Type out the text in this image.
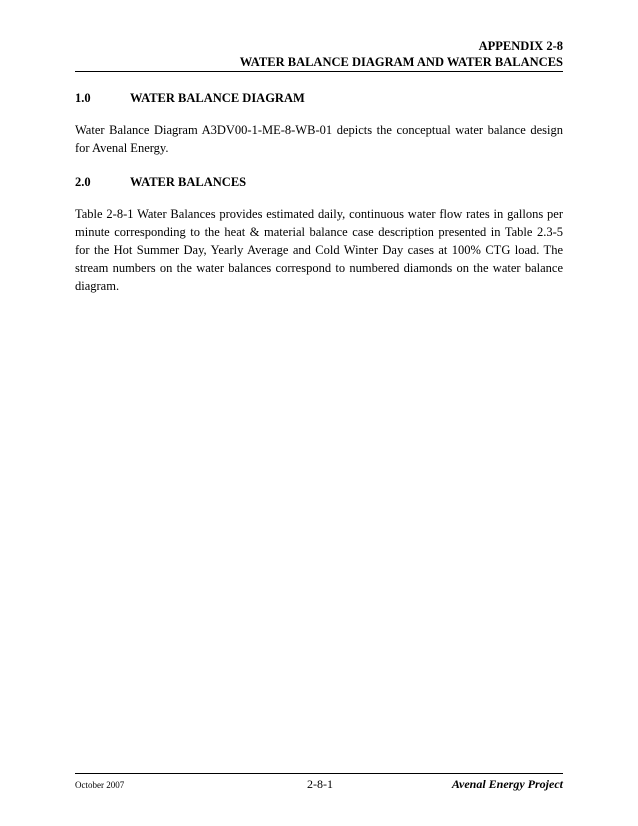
APPENDIX 2-8
WATER BALANCE DIAGRAM AND WATER BALANCES
1.0	WATER BALANCE DIAGRAM
Water Balance Diagram A3DV00-1-ME-8-WB-01 depicts the conceptual water balance design
for Avenal Energy.
2.0	WATER BALANCES
Table 2-8-1 Water Balances provides estimated daily, continuous water flow rates in gallons per
minute corresponding to the heat & material balance case description presented in Table 2.3-5
for the Hot Summer Day, Yearly Average and Cold Winter Day cases at 100% CTG load. The
stream numbers on the water balances correspond to numbered diamonds on the water balance
diagram.
October 2007	2-8-1	Avenal Energy Project
